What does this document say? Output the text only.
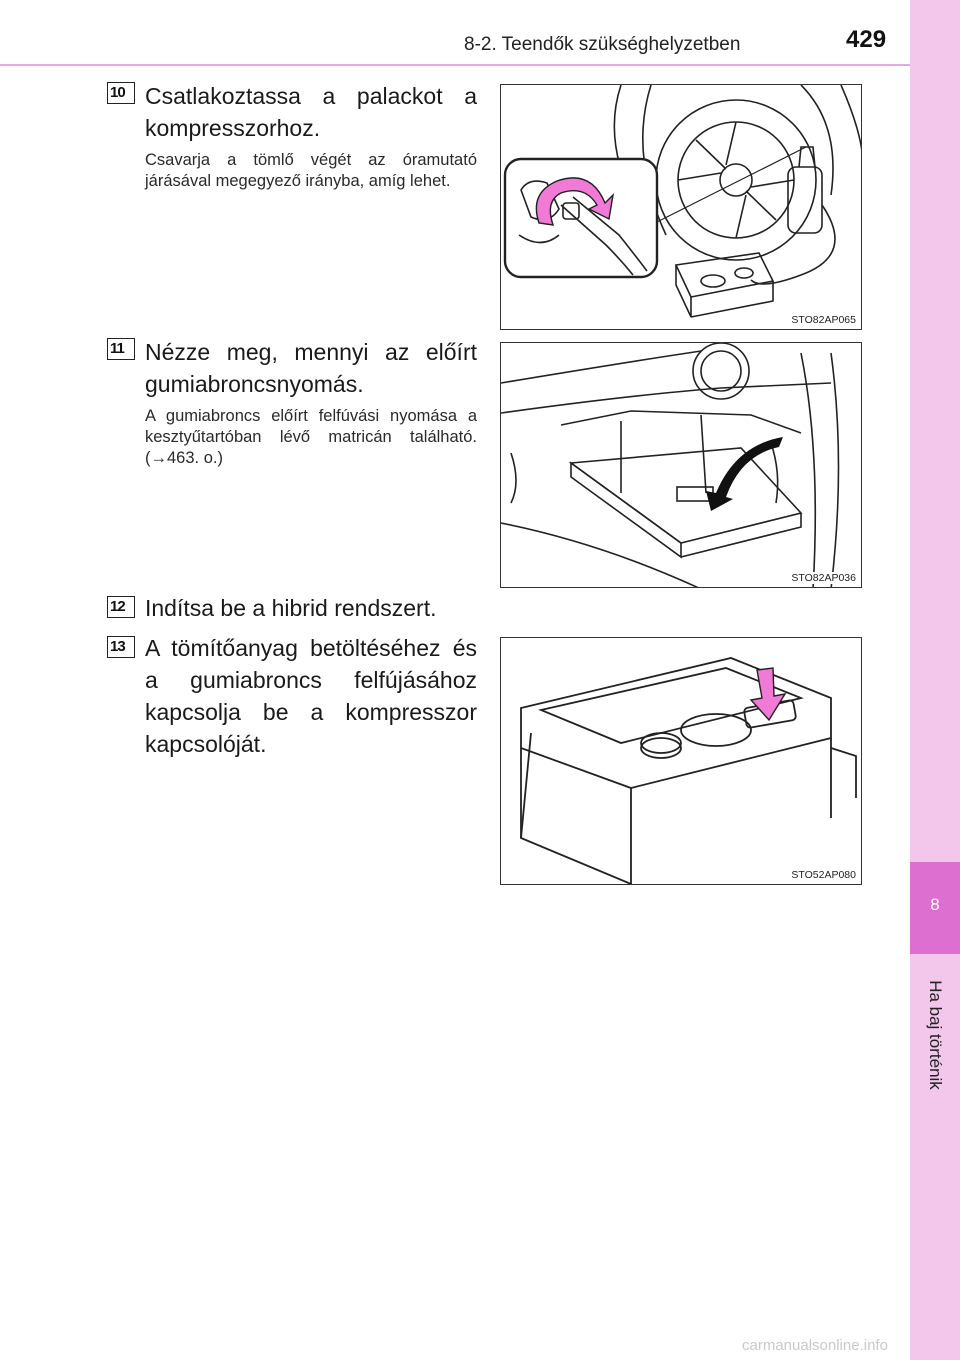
8-2. Teendők szükséghelyzetben	429
8
Ha baj történik
10 Csatlakoztassa a palackot a kompresszorhoz.
Csavarja a tömlő végét az óramutató járásával megegyező irányba, amíg lehet.
STO82AP065
11 Nézze meg, mennyi az előírt gumiabroncsnyomás.
A gumiabroncs előírt felfúvási nyomása a kesztyűtartóban lévő matricán található. (→463. o.)
STO82AP036
12 Indítsa be a hibrid rendszert.
13 A tömítőanyag betöltéséhez és a gumiabroncs felfújásához kapcsolja be a kompresszor kapcsolóját.
STO52AP080
carmanualsonline.info
